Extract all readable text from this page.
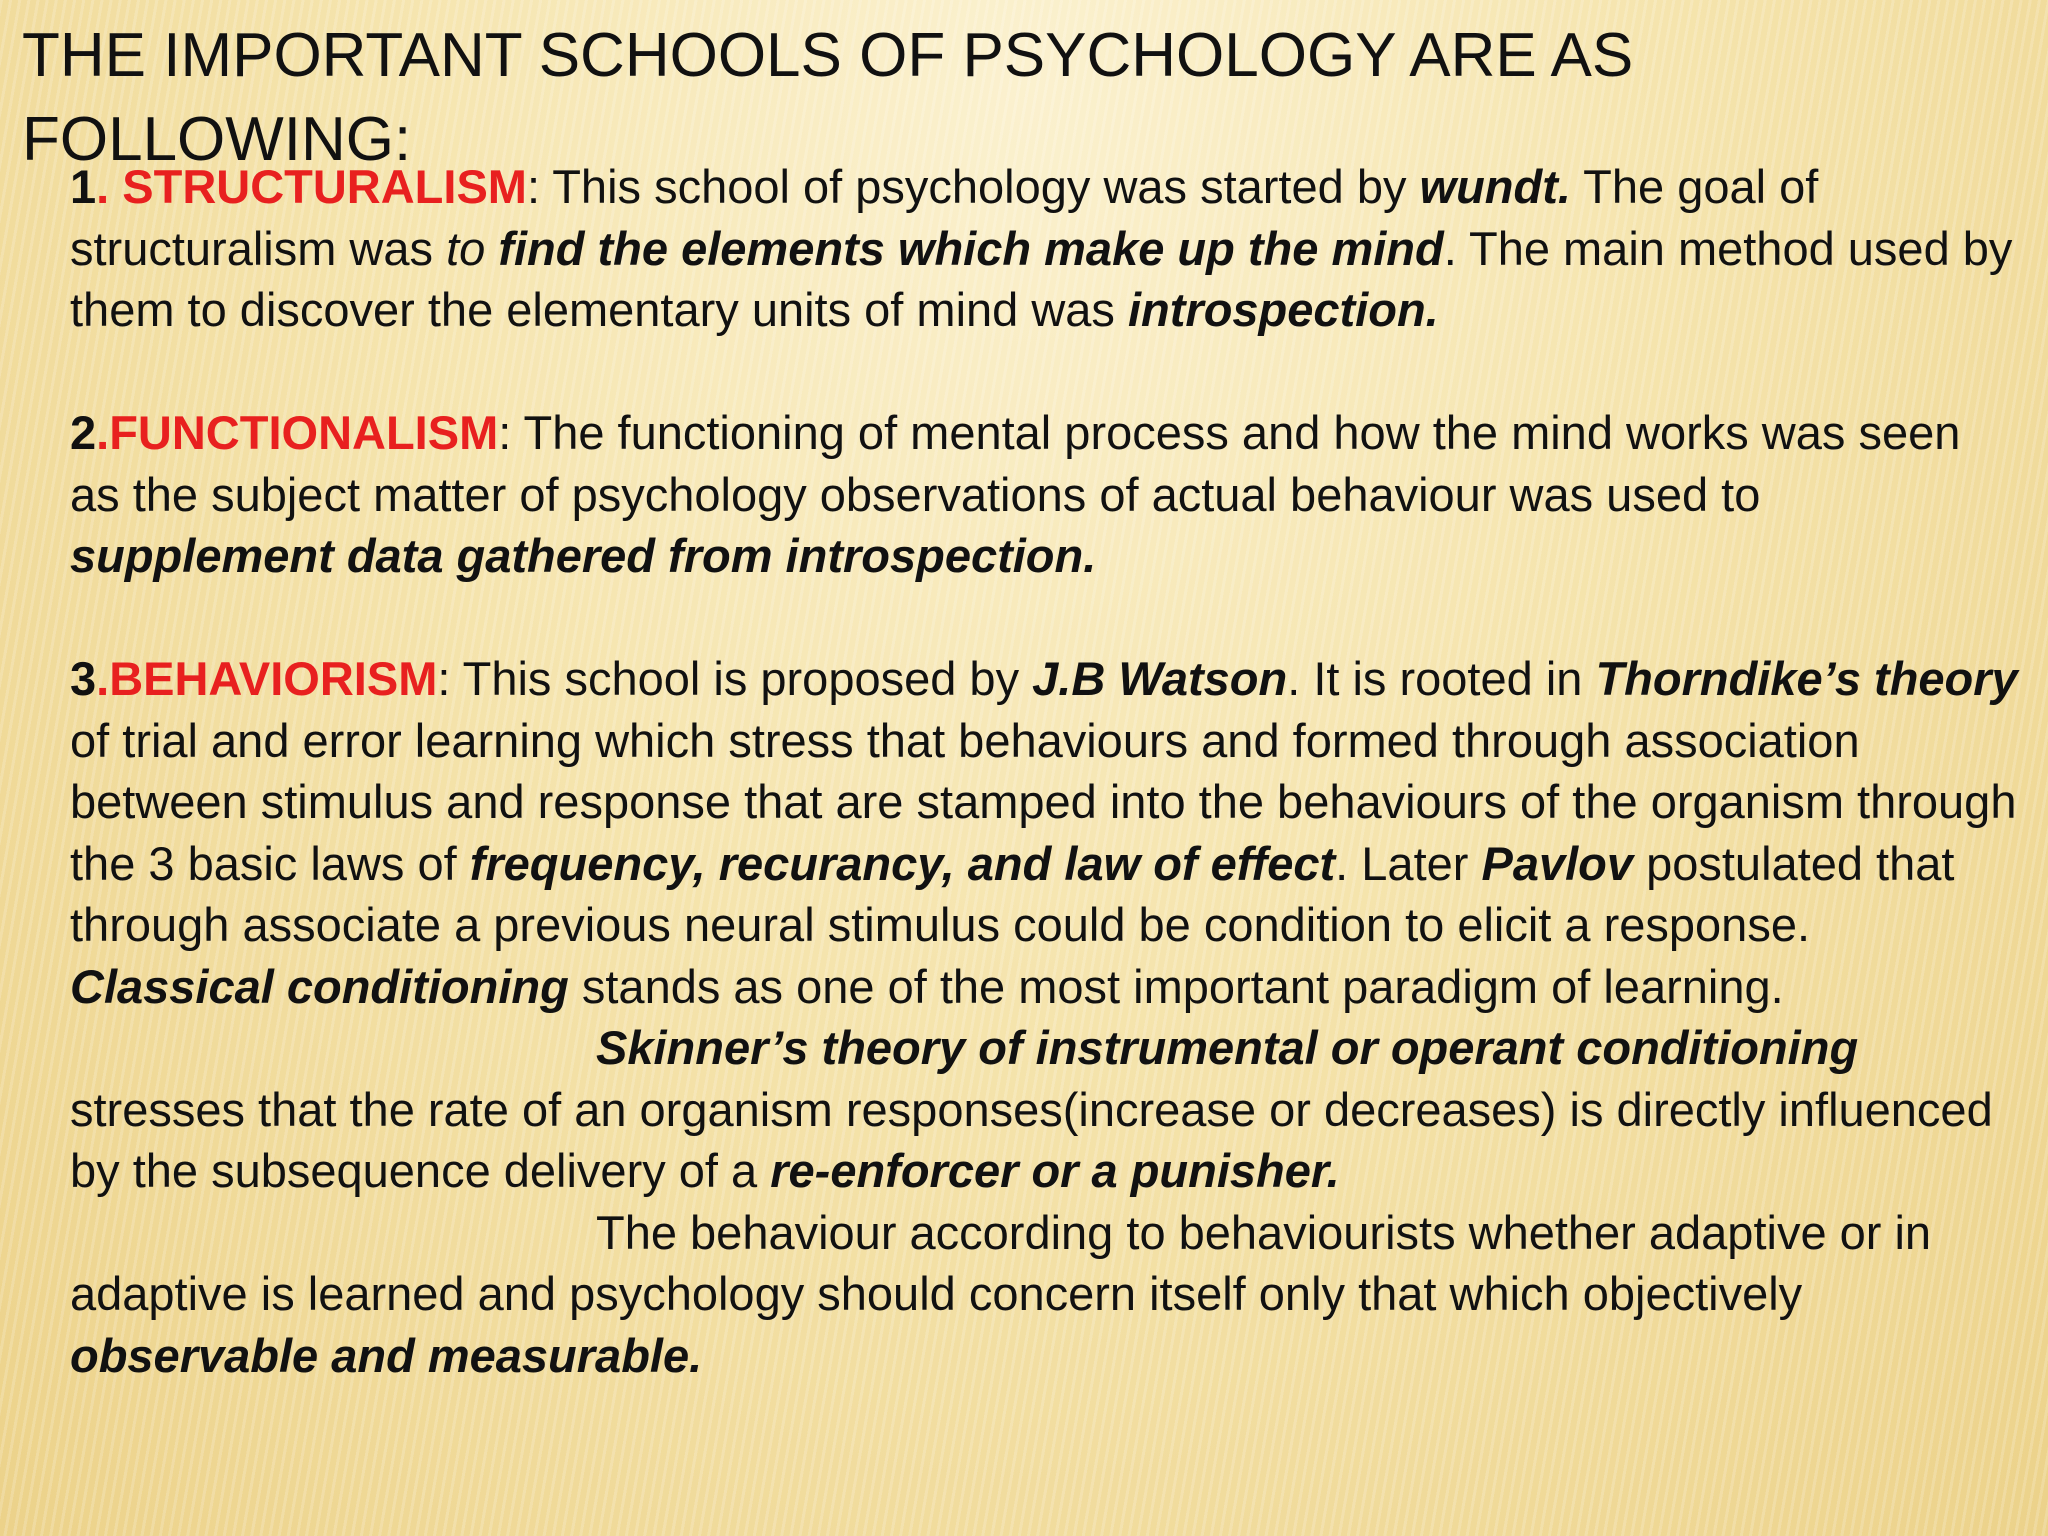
THE IMPORTANT SCHOOLS OF PSYCHOLOGY ARE AS FOLLOWING:

1. STRUCTURALISM: This school of psychology was started by wundt. The goal of structuralism was to find the elements which make up the mind. The main method used by them to discover the elementary units of mind was introspection.

2.FUNCTIONALISM: The functioning of mental process and how the mind works was seen as the subject matter of psychology observations of actual behaviour was used to supplement data gathered from introspection.

3.BEHAVIORISM: This school is proposed by J.B Watson. It is rooted in Thorndike’s theory of trial and error learning which stress that behaviours and formed through association between stimulus and response that are stamped into the behaviours of the organism through the 3 basic laws of frequency, recurancy, and law of effect. Later Pavlov postulated that through associate a previous neural stimulus could be condition to elicit a response. Classical conditioning stands as one of the most important paradigm of learning.
Skinner’s theory of instrumental or operant conditioning
stresses that the rate of an organism responses(increase or decreases) is directly influenced by the subsequence delivery of a re-enforcer or a punisher.
The behaviour according to behaviourists whether adaptive or in adaptive is learned and psychology should concern itself only that which objectively observable and measurable.
